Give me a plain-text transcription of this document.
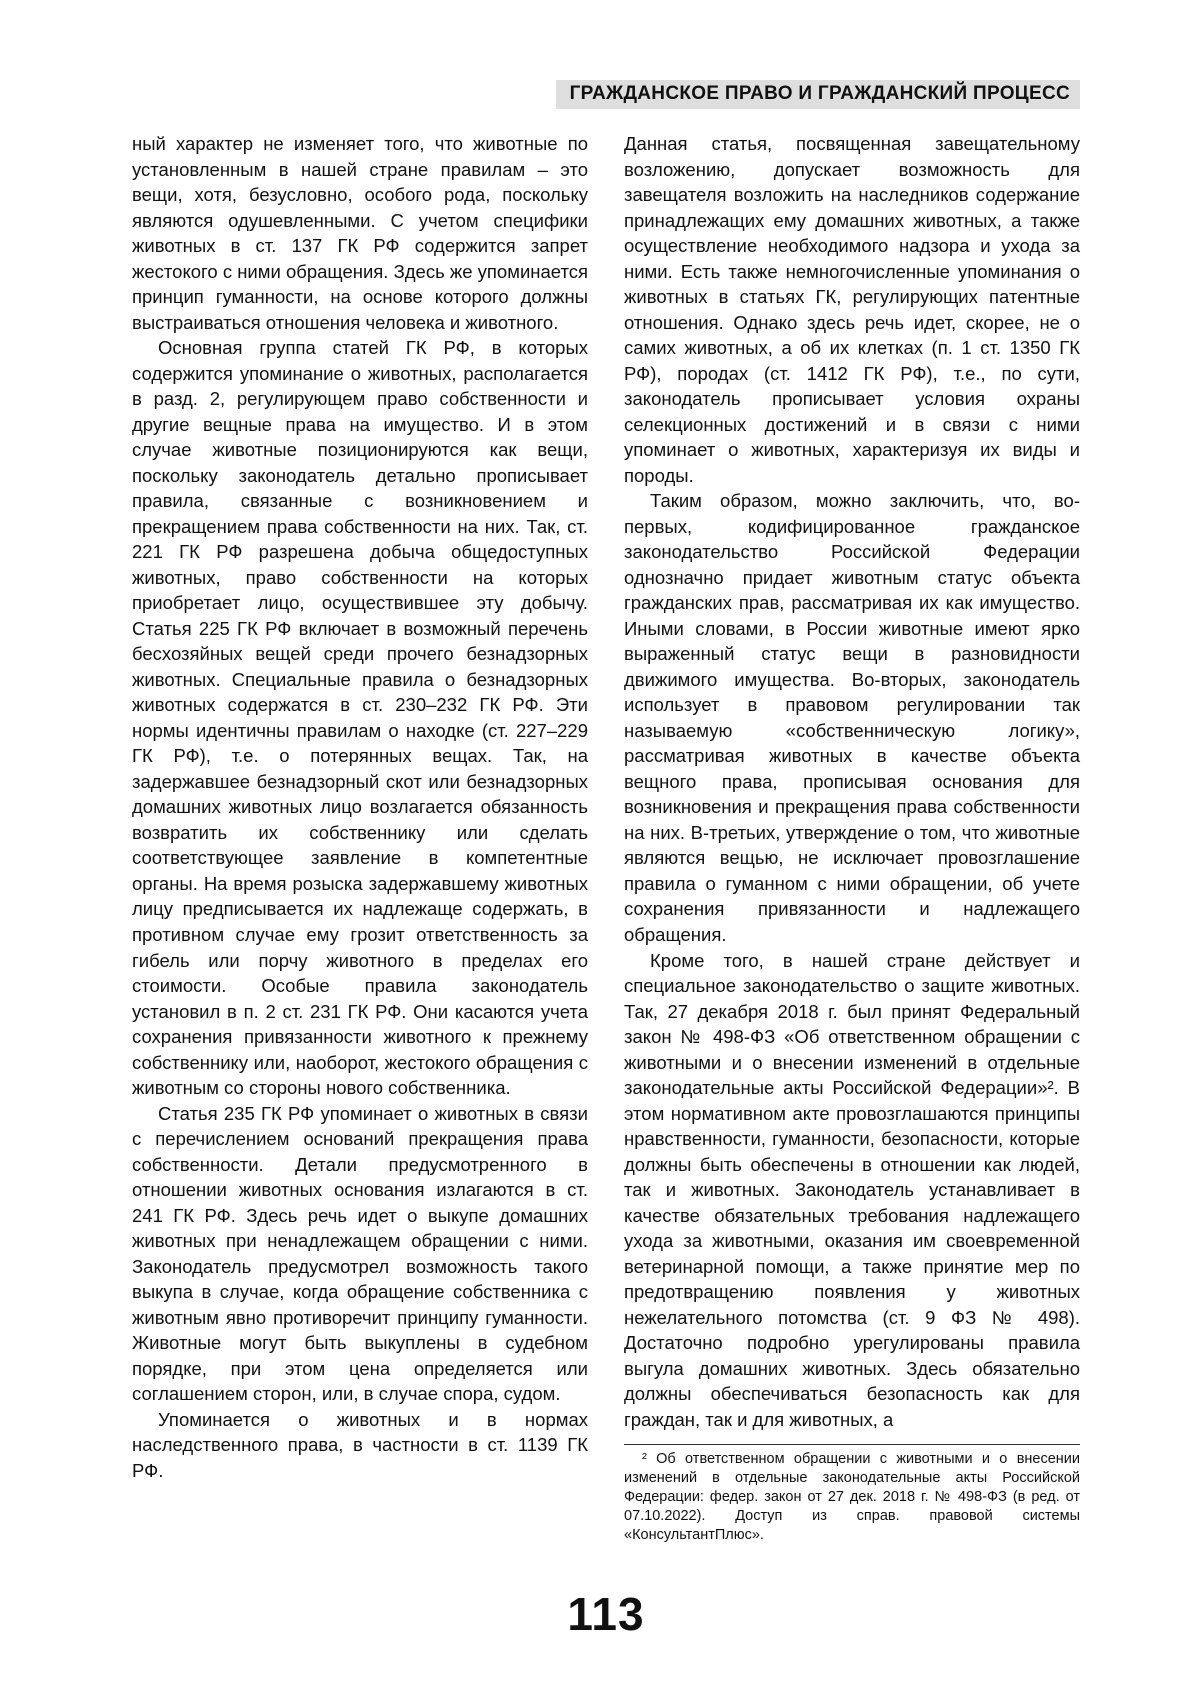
ГРАЖДАНСКОЕ ПРАВО И ГРАЖДАНСКИЙ ПРОЦЕСС

ный характер не изменяет того, что животные по установленным в нашей стране правилам – это вещи, хотя, безусловно, особого рода, поскольку являются одушевленными. С учетом специфики животных в ст. 137 ГК РФ содержится запрет жестокого с ними обращения. Здесь же упоминается принцип гуманности, на основе которого должны выстраиваться отношения человека и животного.

Основная группа статей ГК РФ, в которых содержится упоминание о животных, располагается в разд. 2, регулирующем право собственности и другие вещные права на имущество. И в этом случае животные позиционируются как вещи, поскольку законодатель детально прописывает правила, связанные с возникновением и прекращением права собственности на них. Так, ст. 221 ГК РФ разрешена добыча общедоступных животных, право собственности на которых приобретает лицо, осуществившее эту добычу. Статья 225 ГК РФ включает в возможный перечень бесхозяйных вещей среди прочего безнадзорных животных. Специальные правила о безнадзорных животных содержатся в ст. 230–232 ГК РФ. Эти нормы идентичны правилам о находке (ст. 227–229 ГК РФ), т.е. о потерянных вещах. Так, на задержавшее безнадзорный скот или безнадзорных домашних животных лицо возлагается обязанность возвратить их собственнику или сделать соответствующее заявление в компетентные органы. На время розыска задержавшему животных лицу предписывается их надлежаще содержать, в противном случае ему грозит ответственность за гибель или порчу животного в пределах его стоимости. Особые правила законодатель установил в п. 2 ст. 231 ГК РФ. Они касаются учета сохранения привязанности животного к прежнему собственнику или, наоборот, жестокого обращения с животным со стороны нового собственника.

Статья 235 ГК РФ упоминает о животных в связи с перечислением оснований прекращения права собственности. Детали предусмотренного в отношении животных основания излагаются в ст. 241 ГК РФ. Здесь речь идет о выкупе домашних животных при ненадлежащем обращении с ними. Законодатель предусмотрел возможность такого выкупа в случае, когда обращение собственника с животным явно противоречит принципу гуманности. Животные могут быть выкуплены в судебном порядке, при этом цена определяется или соглашением сторон, или, в случае спора, судом.

Упоминается о животных и в нормах наследственного права, в частности в ст. 1139 ГК РФ.

Данная статья, посвященная завещательному возложению, допускает возможность для завещателя возложить на наследников содержание принадлежащих ему домашних животных, а также осуществление необходимого надзора и ухода за ними. Есть также немногочисленные упоминания о животных в статьях ГК, регулирующих патентные отношения. Однако здесь речь идет, скорее, не о самих животных, а об их клетках (п. 1 ст. 1350 ГК РФ), породах (ст. 1412 ГК РФ), т.е., по сути, законодатель прописывает условия охраны селекционных достижений и в связи с ними упоминает о животных, характеризуя их виды и породы.

Таким образом, можно заключить, что, во-первых, кодифицированное гражданское законодательство Российской Федерации однозначно придает животным статус объекта гражданских прав, рассматривая их как имущество. Иными словами, в России животные имеют ярко выраженный статус вещи в разновидности движимого имущества. Во-вторых, законодатель использует в правовом регулировании так называемую «собственническую логику», рассматривая животных в качестве объекта вещного права, прописывая основания для возникновения и прекращения права собственности на них. В-третьих, утверждение о том, что животные являются вещью, не исключает провозглашение правила о гуманном с ними обращении, об учете сохранения привязанности и надлежащего обращения.

Кроме того, в нашей стране действует и специальное законодательство о защите животных. Так, 27 декабря 2018 г. был принят Федеральный закон № 498-ФЗ «Об ответственном обращении с животными и о внесении изменений в отдельные законодательные акты Российской Федерации»². В этом нормативном акте провозглашаются принципы нравственности, гуманности, безопасности, которые должны быть обеспечены в отношении как людей, так и животных. Законодатель устанавливает в качестве обязательных требования надлежащего ухода за животными, оказания им своевременной ветеринарной помощи, а также принятие мер по предотвращению появления у животных нежелательного потомства (ст. 9 ФЗ № 498). Достаточно подробно урегулированы правила выгула домашних животных. Здесь обязательно должны обеспечиваться безопасность как для граждан, так и для животных, а

² Об ответственном обращении с животными и о внесении изменений в отдельные законодательные акты Российской Федерации: федер. закон от 27 дек. 2018 г. № 498-ФЗ (в ред. от 07.10.2022). Доступ из справ. правовой системы «КонсультантПлюс».

113
